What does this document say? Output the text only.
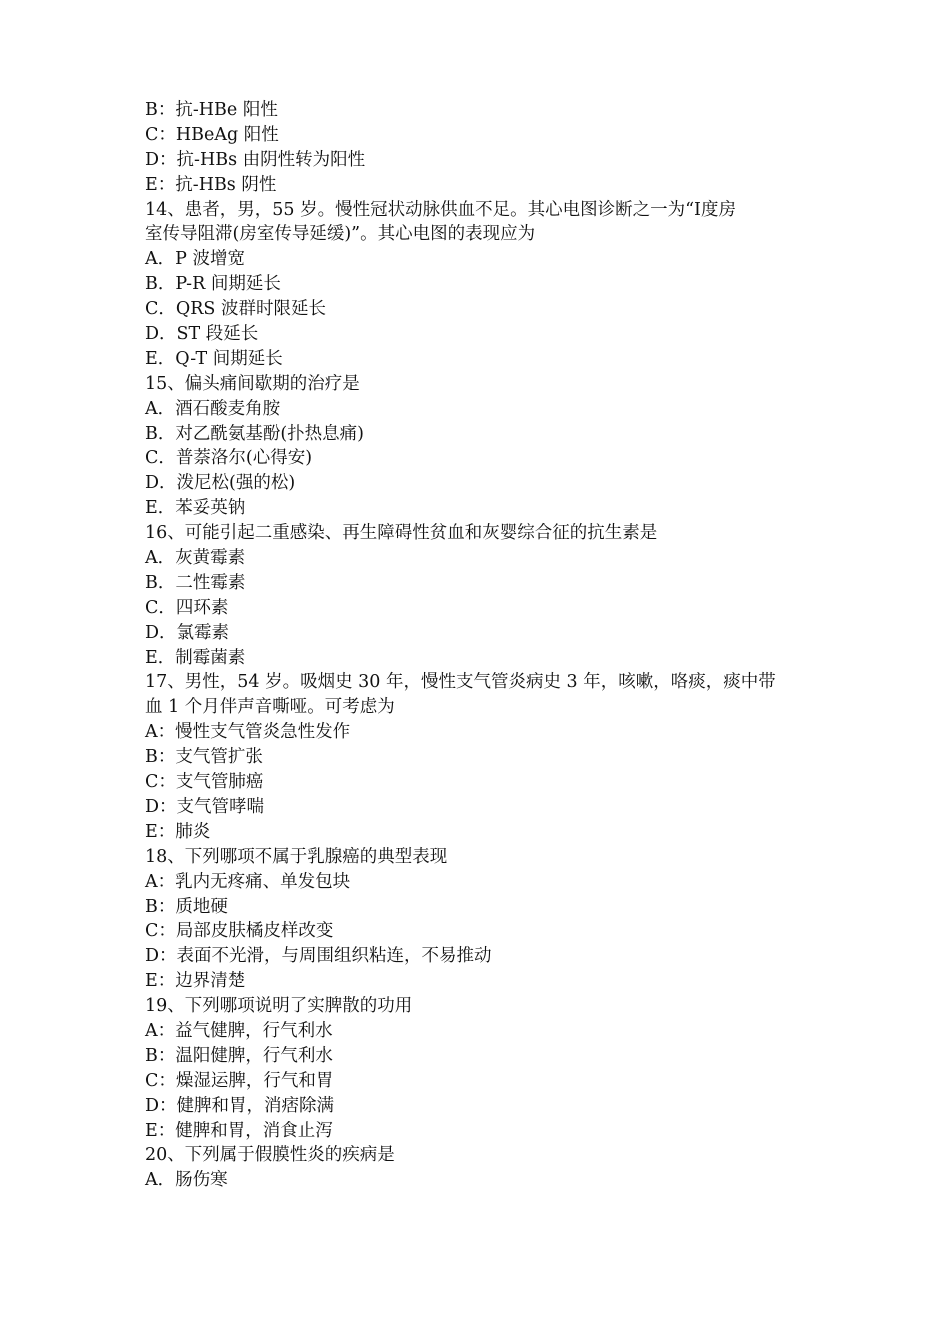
B：抗-HBe 阳性
C：HBeAg 阳性
D：抗-HBs 由阴性转为阳性
E：抗-HBs 阴性
14、患者，男，55 岁。慢性冠状动脉供血不足。其心电图诊断之一为“Ⅰ度房
室传导阻滞(房室传导延缓)”。其心电图的表现应为
A．P 波增宽
B．P-R 间期延长
C．QRS 波群时限延长
D．ST 段延长
E．Q-T 间期延长
15、偏头痛间歇期的治疗是
A．酒石酸麦角胺
B．对乙酰氨基酚(扑热息痛)
C．普萘洛尔(心得安)
D．泼尼松(强的松)
E．苯妥英钠
16、可能引起二重感染、再生障碍性贫血和灰婴综合征的抗生素是
A．灰黄霉素
B．二性霉素
C．四环素
D．氯霉素
E．制霉菌素
17、男性，54 岁。吸烟史 30 年，慢性支气管炎病史 3 年，咳嗽，咯痰，痰中带
血 1 个月伴声音嘶哑。可考虑为
A：慢性支气管炎急性发作
B：支气管扩张
C：支气管肺癌
D：支气管哮喘
E：肺炎
18、下列哪项不属于乳腺癌的典型表现
A：乳内无疼痛、单发包块
B：质地硬
C：局部皮肤橘皮样改变
D：表面不光滑，与周围组织粘连，不易推动
E：边界清楚
19、下列哪项说明了实脾散的功用
A：益气健脾，行气利水
B：温阳健脾，行气利水
C：燥湿运脾，行气和胃
D：健脾和胃，消痞除满
E：健脾和胃，消食止泻
20、下列属于假膜性炎的疾病是
A．肠伤寒
